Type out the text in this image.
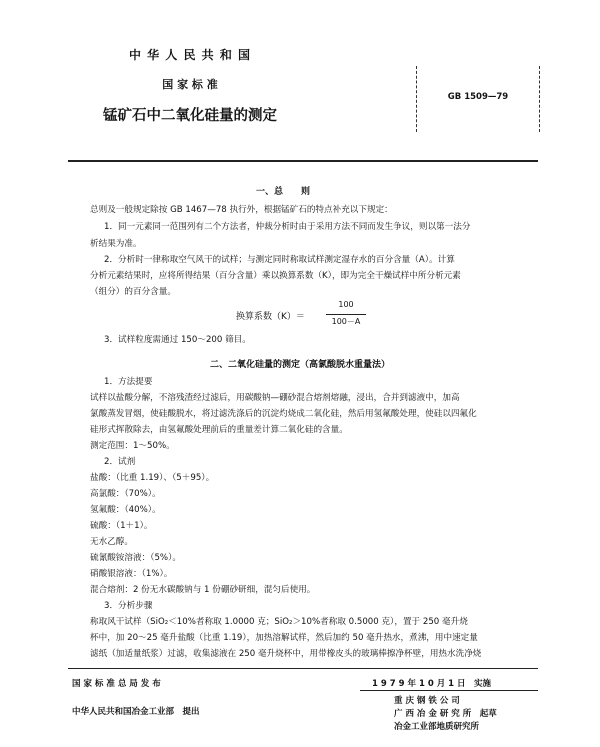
中 华 人 民 共 和 国
国 家 标 准
锰矿石中二氧化硅量的测定
GB 1509—79
一、总　　则
总则及一般规定除按 GB 1467—78 执行外，根据锰矿石的特点补充以下规定：
1．同一元素同一范围列有二个方法者，仲裁分析时由于采用方法不同而发生争议，则以第一法分
析结果为准。
2．分析时一律称取空气风干的试样；与测定同时称取试样测定湿存水的百分含量（A）。计算
分析元素结果时，应将所得结果（百分含量）乘以换算系数（K），即为完全干燥试样中所分析元素
（组分）的百分含量。
换算系数（K）＝
100
100－A
3．试样粒度需通过 150～200 筛目。
二、二氧化硅量的测定（高氯酸脱水重量法）
1．方法提要
试样以盐酸分解，不溶残渣经过滤后，用碳酸钠—硼砂混合熔剂熔融，浸出，合并到滤液中，加高
氯酸蒸发冒烟，使硅酸脱水，将过滤洗涤后的沉淀灼烧成二氧化硅，然后用氢氟酸处理，使硅以四氟化
硅形式挥散除去，由氢氟酸处理前后的重量差计算二氧化硅的含量。
测定范围：1～50%。
2．试剂
盐酸：（比重 1.19）、（5＋95）。
高氯酸：（70%）。
氢氟酸：（40%）。
硫酸：（1＋1）。
无水乙醇。
硫氰酸铵溶液：（5%）。
硝酸银溶液：（1%）。
混合熔剂：2 份无水碳酸钠与 1 份硼砂研细，混匀后使用。
3．分析步骤
称取风干试样（SiO₂＜10%者称取 1.0000 克；SiO₂＞10%者称取 0.5000 克），置于 250 毫升烧
杯中，加 20～25 毫升盐酸（比重 1.19），加热溶解试样，然后加约 50 毫升热水，煮沸，用中速定量
滤纸（加适量纸浆）过滤，收集滤液在 250 毫升烧杯中，用带橡皮头的玻璃棒擦净杯壁，用热水洗净烧
国 家 标 准 总 局 发 布	1 9 7 9 年 1 0 月 1 日　实施
中华人民共和国冶金工业部　提出
重 庆 钢 铁 公 司
广 西 冶 金 研 究 所　起草
冶金工业部地质研究所
